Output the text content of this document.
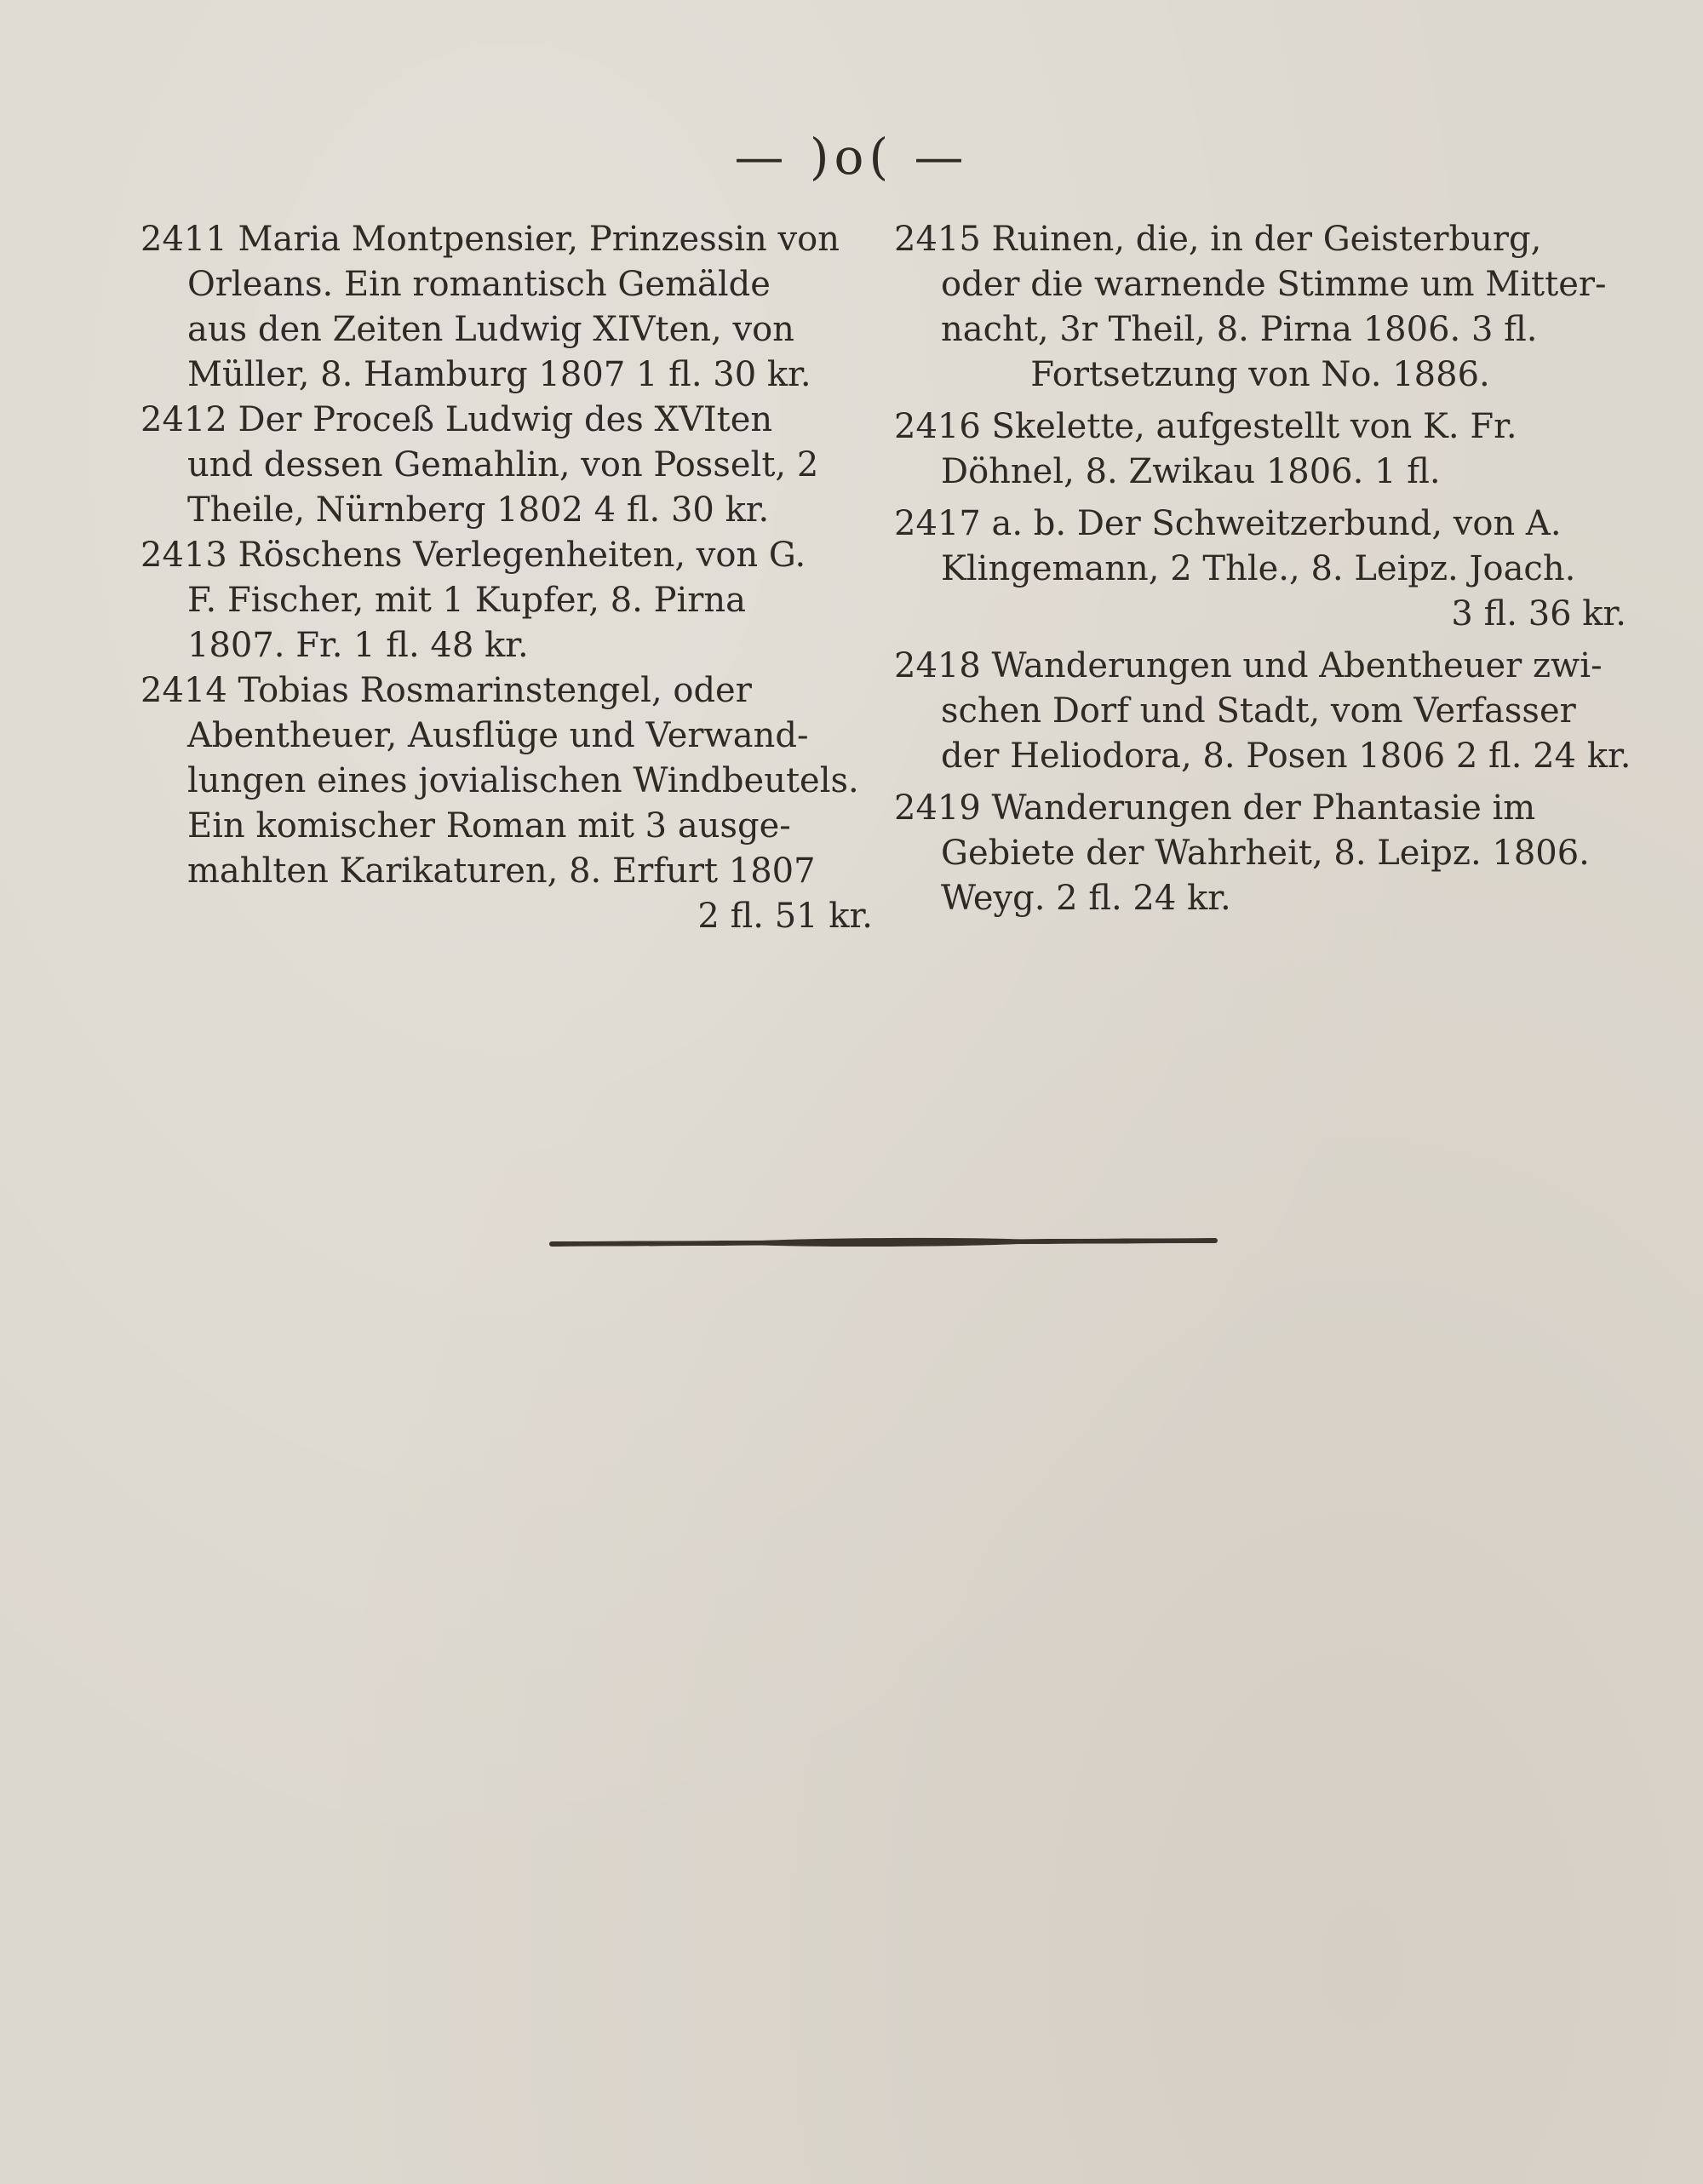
— )o( —
2411 Maria Montpensier, Prinzessin von
Orleans. Ein romantisch Gemälde
aus den Zeiten Ludwig XIVten, von
Müller, 8. Hamburg 1807 1 fl. 30 kr.
2412 Der Proceß Ludwig des XVIten
und dessen Gemahlin, von Posselt, 2
Theile, Nürnberg 1802 4 fl. 30 kr.
2413 Röschens Verlegenheiten, von G.
F. Fischer, mit 1 Kupfer, 8. Pirna
1807. Fr. 1 fl. 48 kr.
2414 Tobias Rosmarinstengel, oder
Abentheuer, Ausflüge und Verwand-
lungen eines jovialischen Windbeutels.
Ein komischer Roman mit 3 ausge-
mahlten Karikaturen, 8. Erfurt 1807
2 fl. 51 kr.
2415 Ruinen, die, in der Geisterburg,
oder die warnende Stimme um Mitter-
nacht, 3r Theil, 8. Pirna 1806. 3 fl.
Fortsetzung von No. 1886.
2416 Skelette, aufgestellt von K. Fr.
Döhnel, 8. Zwikau 1806. 1 fl.
2417 a. b. Der Schweitzerbund, von A.
Klingemann, 2 Thle., 8. Leipz. Joach.
3 fl. 36 kr.
2418 Wanderungen und Abentheuer zwi-
schen Dorf und Stadt, vom Verfasser
der Heliodora, 8. Posen 1806 2 fl. 24 kr.
2419 Wanderungen der Phantasie im
Gebiete der Wahrheit, 8. Leipz. 1806.
Weyg. 2 fl. 24 kr.
